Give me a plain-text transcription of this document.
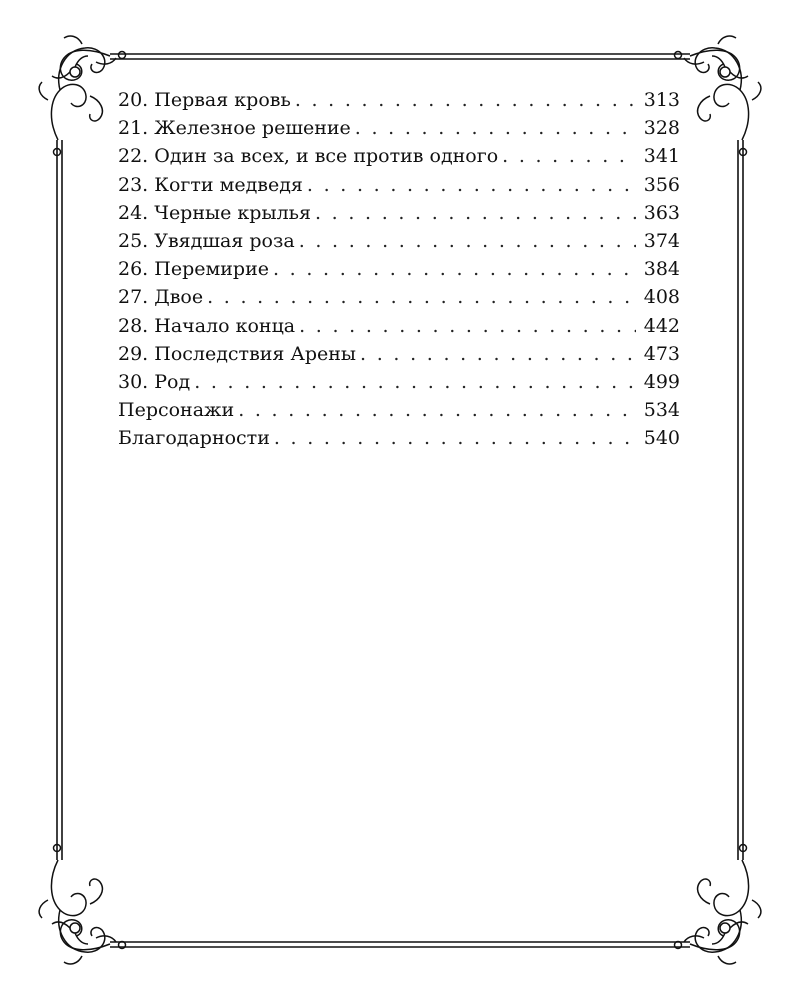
20. Первая кровь . . .	313
21. Железное решение . . .	328
22. Один за всех, и все против одного . . .	341
23. Когти медведя . . .	356
24. Черные крылья . . .	363
25. Увядшая роза . . .	374
26. Перемирие . . .	384
27. Двое . . .	408
28. Начало конца . . .	442
29. Последствия Арены . . .	473
30. Род . . .	499
Персонажи . . .	534
Благодарности . . .	540
